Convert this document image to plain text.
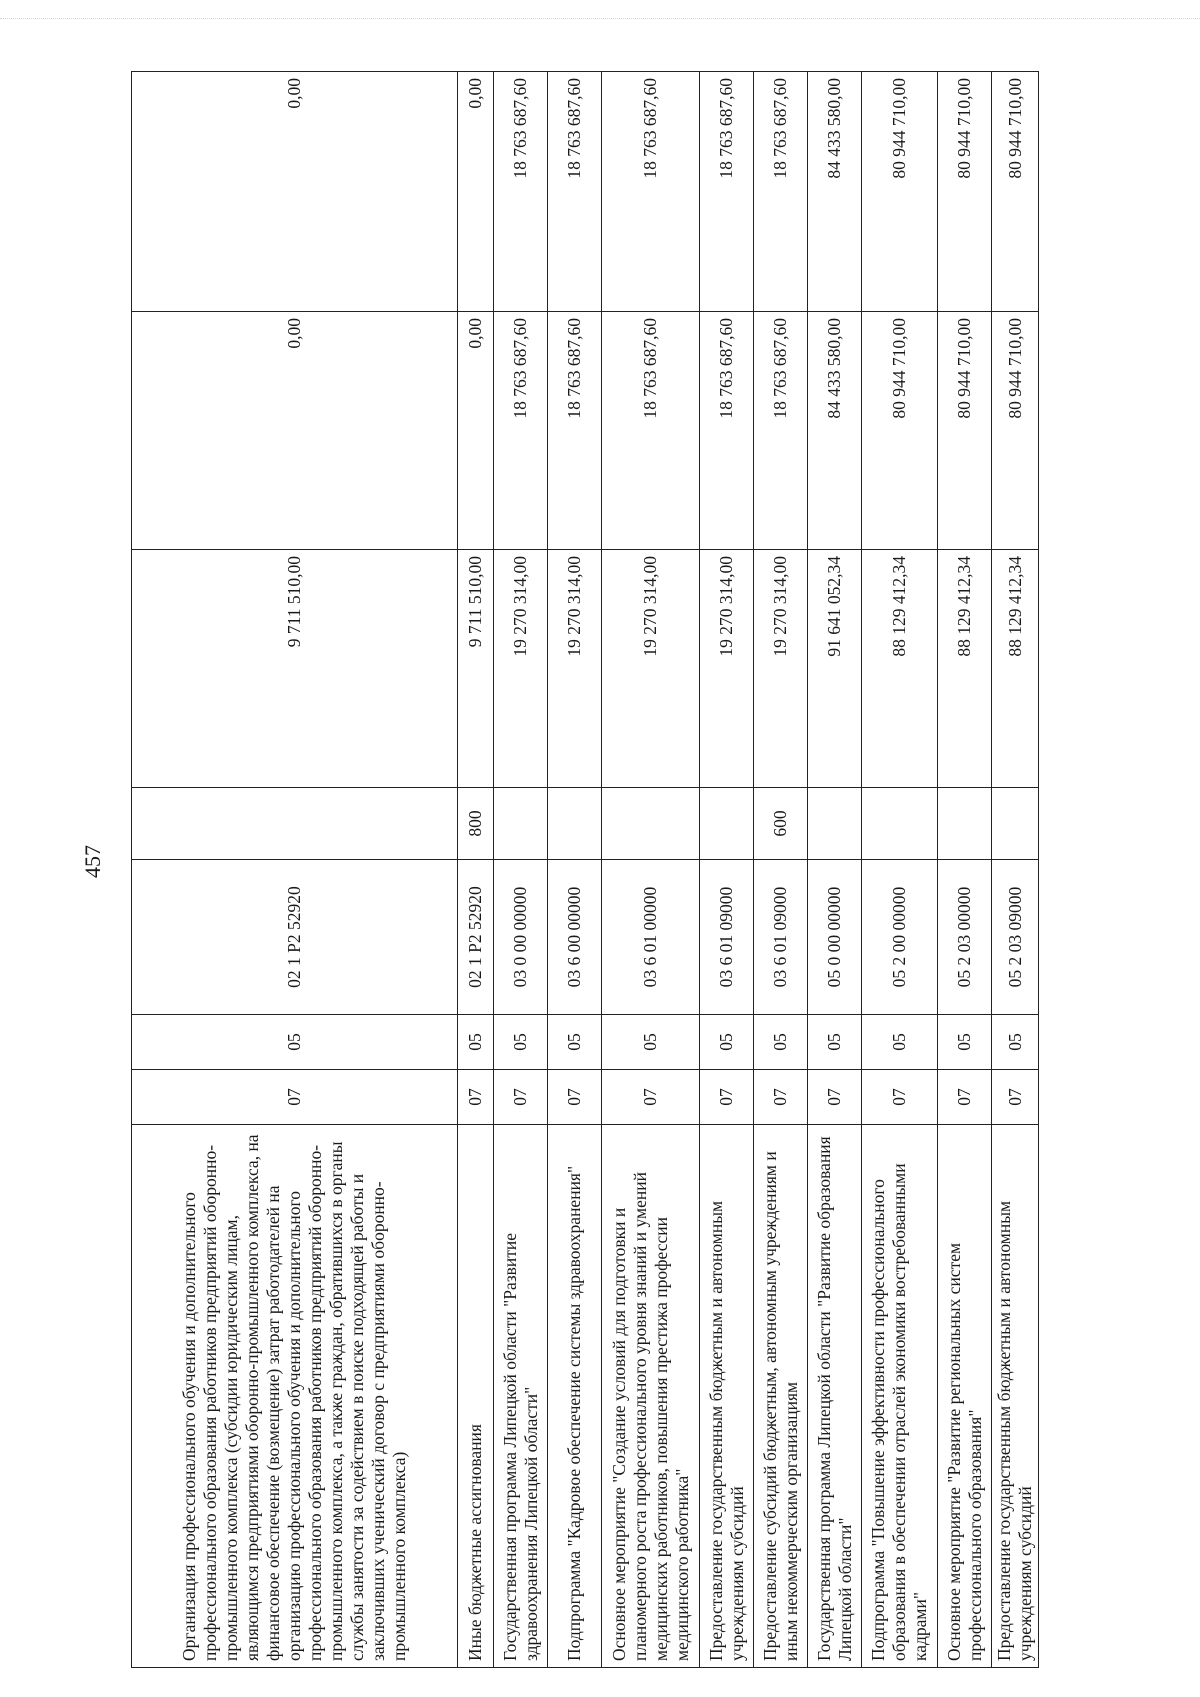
457
Организация профессионального обучения и дополнительного профессионального образования работников предприятий оборонно-промышленного комплекса (субсидии юридическим лицам, являющимся предприятиями оборонно-промышленного комплекса, на финансовое обеспечение (возмещение) затрат работодателей на организацию профессионального обучения и дополнительного профессионального образования работников предприятий оборонно-промышленного комплекса, а также граждан, обратившихся в органы службы занятости за содействием в поиске подходящей работы и заключивших ученический договор с предприятиями оборонно-промышленного комплекса)	07	05	02 1 P2 52920		9 711 510,00	0,00	0,00
Иные бюджетные ассигнования	07	05	02 1 P2 52920	800	9 711 510,00	0,00	0,00
Государственная программа Липецкой области "Развитие здравоохранения Липецкой области"	07	05	03 0 00 00000		19 270 314,00	18 763 687,60	18 763 687,60
Подпрограмма "Кадровое обеспечение системы здравоохранения"	07	05	03 6 00 00000		19 270 314,00	18 763 687,60	18 763 687,60
Основное мероприятие "Создание условий для подготовки и планомерного роста профессионального уровня знаний и умений медицинских работников, повышения престижа профессии медицинского работника"	07	05	03 6 01 00000		19 270 314,00	18 763 687,60	18 763 687,60
Предоставление государственным бюджетным и автономным учреждениям субсидий	07	05	03 6 01 09000		19 270 314,00	18 763 687,60	18 763 687,60
Предоставление субсидий бюджетным, автономным учреждениям и иным некоммерческим организациям	07	05	03 6 01 09000	600	19 270 314,00	18 763 687,60	18 763 687,60
Государственная программа Липецкой области "Развитие образования Липецкой области"	07	05	05 0 00 00000		91 641 052,34	84 433 580,00	84 433 580,00
Подпрограмма "Повышение эффективности профессионального образования в обеспечении отраслей экономики востребованными кадрами"	07	05	05 2 00 00000		88 129 412,34	80 944 710,00	80 944 710,00
Основное мероприятие "Развитие региональных систем профессионального образования"	07	05	05 2 03 00000		88 129 412,34	80 944 710,00	80 944 710,00
Предоставление государственным бюджетным и автономным учреждениям субсидий	07	05	05 2 03 09000		88 129 412,34	80 944 710,00	80 944 710,00
